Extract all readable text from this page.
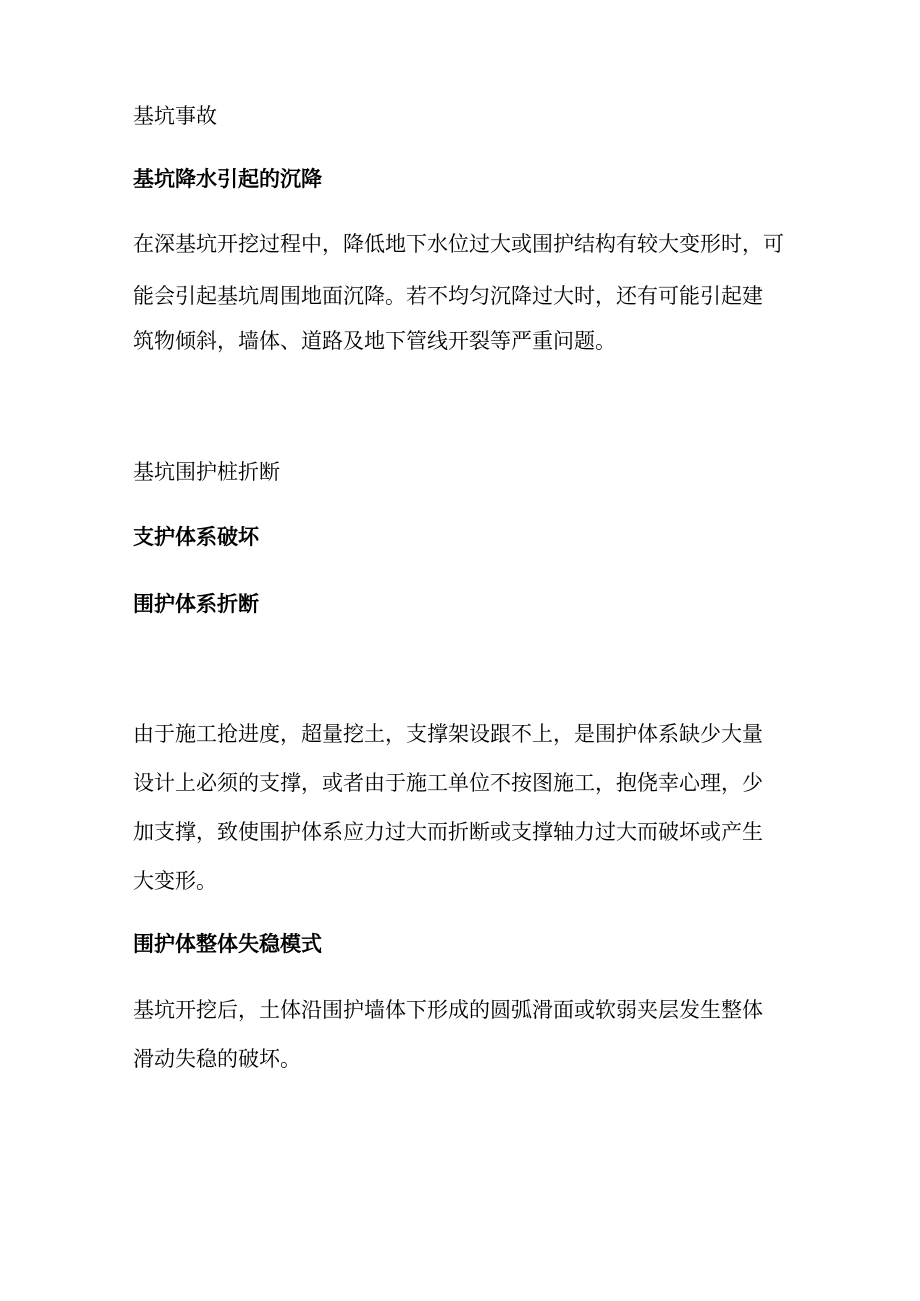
基坑事故
基坑降水引起的沉降
在深基坑开挖过程中，降低地下水位过大或围护结构有较大变形时，可
能会引起基坑周围地面沉降。若不均匀沉降过大时，还有可能引起建
筑物倾斜，墙体、道路及地下管线开裂等严重问题。
基坑围护桩折断
支护体系破坏
围护体系折断
由于施工抢进度，超量挖土，支撑架设跟不上，是围护体系缺少大量
设计上必须的支撑，或者由于施工单位不按图施工，抱侥幸心理，少
加支撑，致使围护体系应力过大而折断或支撑轴力过大而破坏或产生
大变形。
围护体整体失稳模式
基坑开挖后，土体沿围护墙体下形成的圆弧滑面或软弱夹层发生整体
滑动失稳的破坏。
